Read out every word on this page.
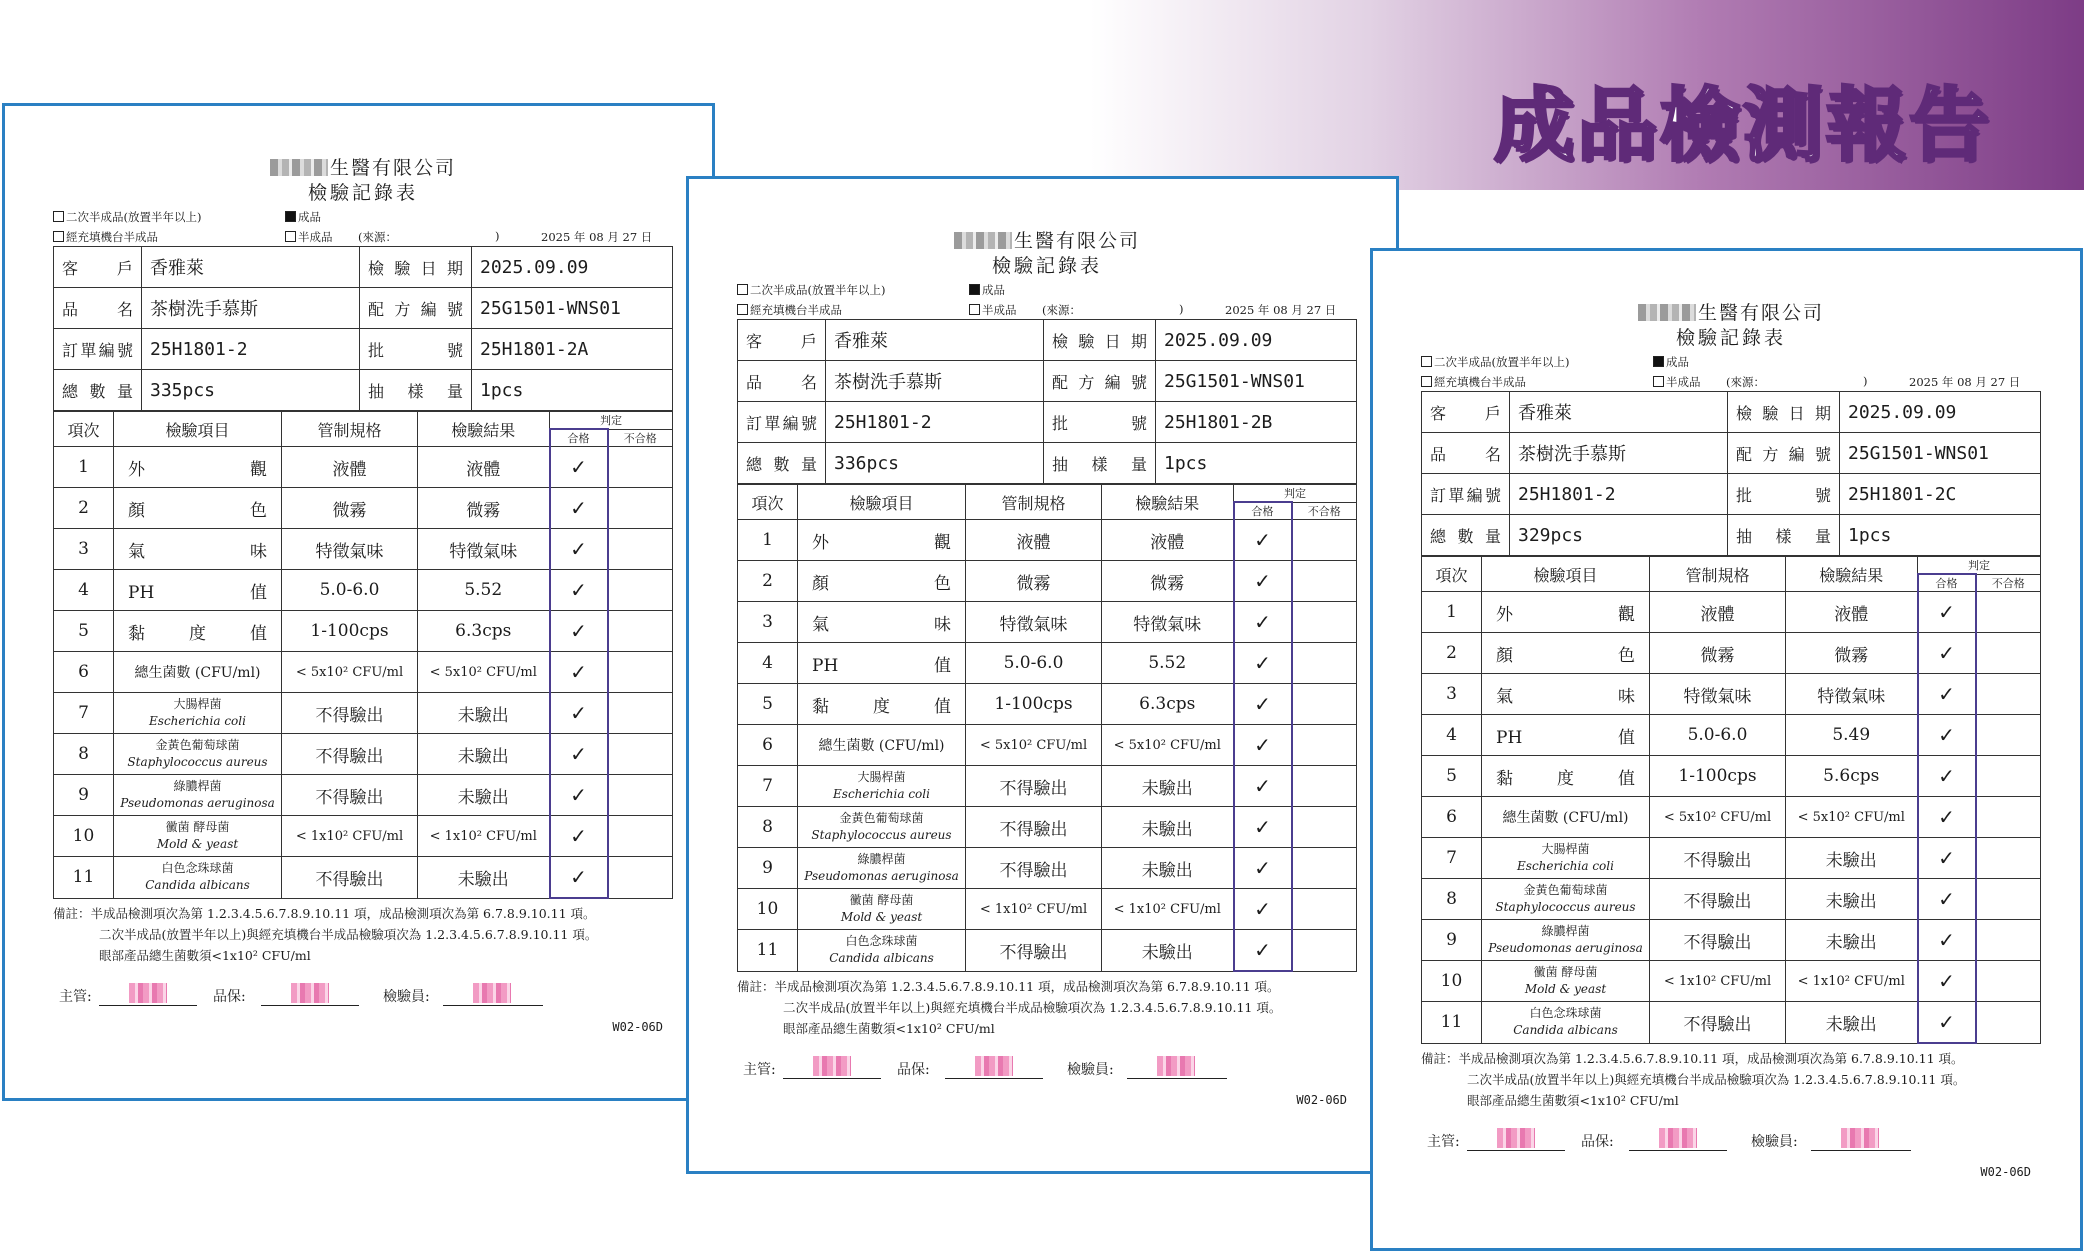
成品檢測報告
生醫有限公司
檢驗記錄表
二次半成品(放置半年以上)	成品
經充填機台半成品	半成品 (來源：	)	2025 年 08 月 27 日
客 戶	香雅萊	檢驗日期	2025.09.09
品 名	茶樹洗手慕斯	配方編號	25G1501-WNS01
訂單編號	25H1801-2	批 號	25H1801-2A
總 數 量	335pcs	抽 樣 量	1pcs
項次	檢驗項目	管制規格	檢驗結果	判定	
				合格	不合格
1	外 觀	液體	液體	✓	
2	顏 色	微霧	微霧	✓	
3	氣 味	特徵氣味	特徵氣味	✓	
4	PH 值	5.0-6.0	5.52	✓	
5	黏 度 值	1-100cps	6.3cps	✓	
6	總生菌數 (CFU/ml)	< 5x10² CFU/ml	< 5x10² CFU/ml	✓	
7	大腸桿菌
Escherichia coli	不得驗出	未驗出	✓	
8	金黃色葡萄球菌
Staphylococcus aureus	不得驗出	未驗出	✓	
9	綠膿桿菌
Pseudomonas aeruginosa	不得驗出	未驗出	✓	
10	黴菌 酵母菌
Mold & yeast	< 1x10² CFU/ml	< 1x10² CFU/ml	✓	
11	白色念珠球菌
Candida albicans	不得驗出	未驗出	✓	
備註：半成品檢測項次為第 1.2.3.4.5.6.7.8.9.10.11 項，成品檢測項次為第 6.7.8.9.10.11 項。
二次半成品(放置半年以上)與經充填機台半成品檢驗項次為 1.2.3.4.5.6.7.8.9.10.11 項。
眼部產品總生菌數須<1x10² CFU/ml
主管:	品保:	檢驗員:
W02-06D
生醫有限公司
檢驗記錄表
二次半成品(放置半年以上)	成品
經充填機台半成品	半成品 (來源：	)	2025 年 08 月 27 日
客 戶	香雅萊	檢驗日期	2025.09.09
品 名	茶樹洗手慕斯	配方編號	25G1501-WNS01
訂單編號	25H1801-2	批 號	25H1801-2B
總 數 量	336pcs	抽 樣 量	1pcs
項次	檢驗項目	管制規格	檢驗結果	判定	
				合格	不合格
1	外 觀	液體	液體	✓	
2	顏 色	微霧	微霧	✓	
3	氣 味	特徵氣味	特徵氣味	✓	
4	PH 值	5.0-6.0	5.52	✓	
5	黏 度 值	1-100cps	6.3cps	✓	
6	總生菌數 (CFU/ml)	< 5x10² CFU/ml	< 5x10² CFU/ml	✓	
7	大腸桿菌
Escherichia coli	不得驗出	未驗出	✓	
8	金黃色葡萄球菌
Staphylococcus aureus	不得驗出	未驗出	✓	
9	綠膿桿菌
Pseudomonas aeruginosa	不得驗出	未驗出	✓	
10	黴菌 酵母菌
Mold & yeast	< 1x10² CFU/ml	< 1x10² CFU/ml	✓	
11	白色念珠球菌
Candida albicans	不得驗出	未驗出	✓	
備註：半成品檢測項次為第 1.2.3.4.5.6.7.8.9.10.11 項，成品檢測項次為第 6.7.8.9.10.11 項。
二次半成品(放置半年以上)與經充填機台半成品檢驗項次為 1.2.3.4.5.6.7.8.9.10.11 項。
眼部產品總生菌數須<1x10² CFU/ml
主管:	品保:	檢驗員:
W02-06D
生醫有限公司
檢驗記錄表
二次半成品(放置半年以上)	成品
經充填機台半成品	半成品 (來源：	)	2025 年 08 月 27 日
客 戶	香雅萊	檢驗日期	2025.09.09
品 名	茶樹洗手慕斯	配方編號	25G1501-WNS01
訂單編號	25H1801-2	批 號	25H1801-2C
總 數 量	329pcs	抽 樣 量	1pcs
項次	檢驗項目	管制規格	檢驗結果	判定	
				合格	不合格
1	外 觀	液體	液體	✓	
2	顏 色	微霧	微霧	✓	
3	氣 味	特徵氣味	特徵氣味	✓	
4	PH 值	5.0-6.0	5.49	✓	
5	黏 度 值	1-100cps	5.6cps	✓	
6	總生菌數 (CFU/ml)	< 5x10² CFU/ml	< 5x10² CFU/ml	✓	
7	大腸桿菌
Escherichia coli	不得驗出	未驗出	✓	
8	金黃色葡萄球菌
Staphylococcus aureus	不得驗出	未驗出	✓	
9	綠膿桿菌
Pseudomonas aeruginosa	不得驗出	未驗出	✓	
10	黴菌 酵母菌
Mold & yeast	< 1x10² CFU/ml	< 1x10² CFU/ml	✓	
11	白色念珠球菌
Candida albicans	不得驗出	未驗出	✓	
備註：半成品檢測項次為第 1.2.3.4.5.6.7.8.9.10.11 項，成品檢測項次為第 6.7.8.9.10.11 項。
二次半成品(放置半年以上)與經充填機台半成品檢驗項次為 1.2.3.4.5.6.7.8.9.10.11 項。
眼部產品總生菌數須<1x10² CFU/ml
主管:	品保:	檢驗員:
W02-06D
